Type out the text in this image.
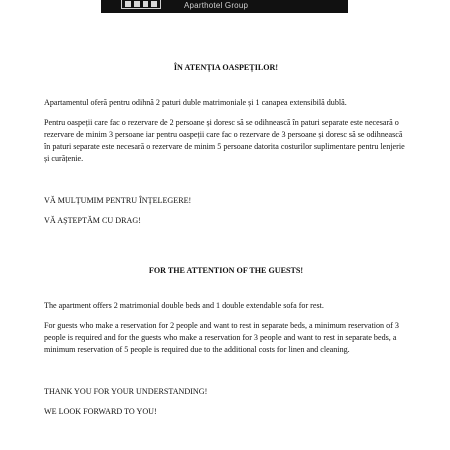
Aparthotel Group

ÎN ATENȚIA OASPEȚILOR!

Apartamentul oferă pentru odihnă 2 paturi duble matrimoniale și 1 canapea extensibilă dublă.

Pentru oaspeții care fac o rezervare de 2 persoane și doresc să se odihnească în paturi separate este necesară o rezervare de minim 3 persoane iar pentru oaspeții care fac o rezervare de 3 persoane și doresc să se odihnească în paturi separate este necesară o rezervare de minim 5 persoane datorita costurilor suplimentare pentru lenjerie și curățenie.

VĂ MULȚUMIM PENTRU ÎNȚELEGERE!

VĂ AȘTEPTĂM CU DRAG!

FOR THE ATTENTION OF THE GUESTS!

The apartment offers 2 matrimonial double beds and 1 double extendable sofa for rest.

For guests who make a reservation for 2 people and want to rest in separate beds, a minimum reservation of 3 people is required and for the guests who make a reservation for 3 people and want to rest in separate beds, a minimum reservation of 5 people is required due to the additional costs for linen and cleaning.

THANK YOU FOR YOUR UNDERSTANDING!

WE LOOK FORWARD TO YOU!
